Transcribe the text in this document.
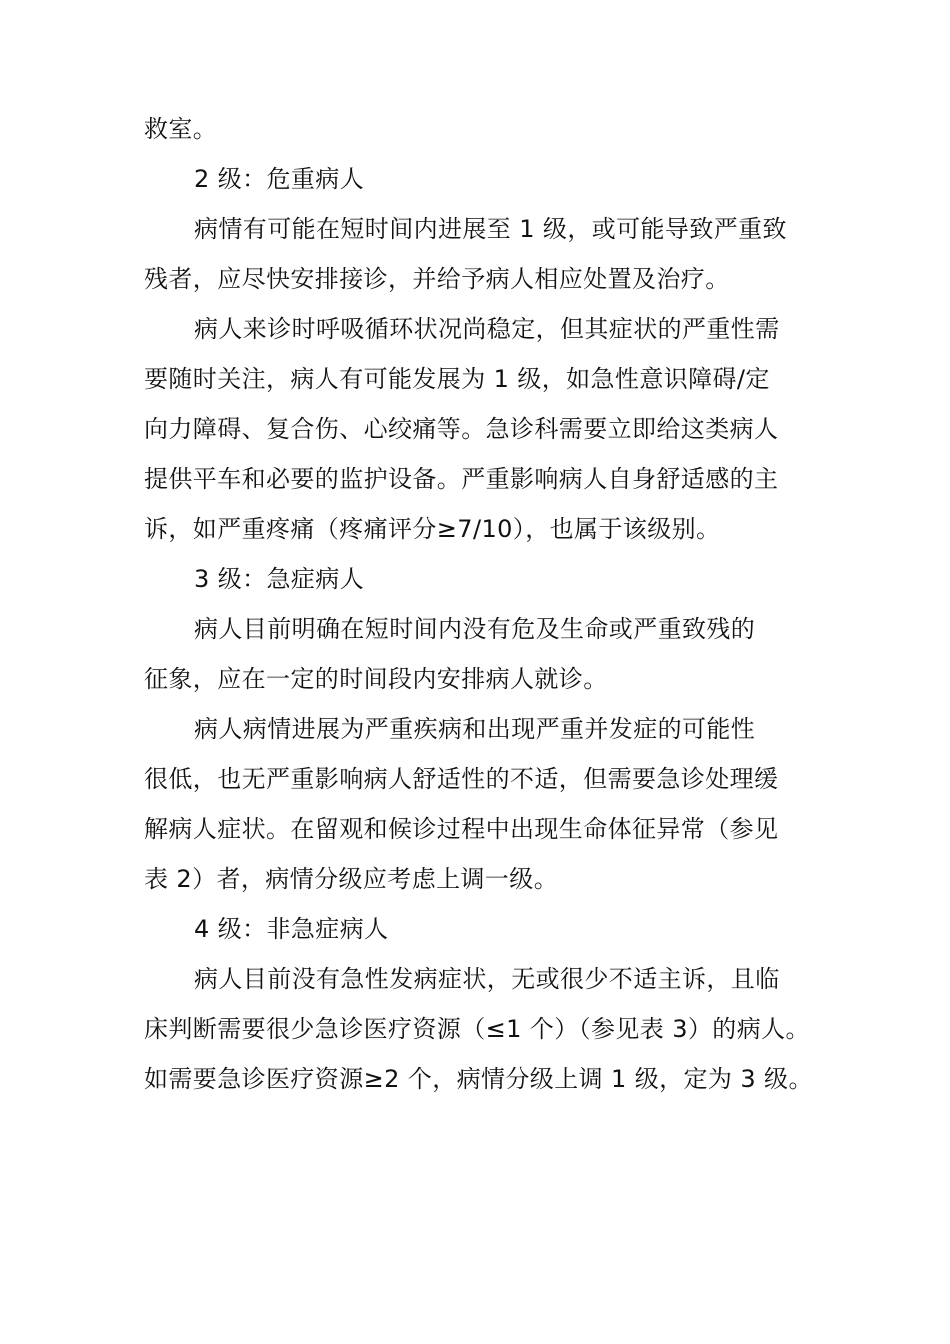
救室。
2 级：危重病人
病情有可能在短时间内进展至 1 级，或可能导致严重致
残者，应尽快安排接诊，并给予病人相应处置及治疗。
病人来诊时呼吸循环状况尚稳定，但其症状的严重性需
要随时关注，病人有可能发展为 1 级，如急性意识障碍/定
向力障碍、复合伤、心绞痛等。急诊科需要立即给这类病人
提供平车和必要的监护设备。严重影响病人自身舒适感的主
诉，如严重疼痛（疼痛评分≥7/10），也属于该级别。
3 级：急症病人
病人目前明确在短时间内没有危及生命或严重致残的
征象，应在一定的时间段内安排病人就诊。
病人病情进展为严重疾病和出现严重并发症的可能性
很低，也无严重影响病人舒适性的不适，但需要急诊处理缓
解病人症状。在留观和候诊过程中出现生命体征异常（参见
表 2）者，病情分级应考虑上调一级。
4 级：非急症病人
病人目前没有急性发病症状，无或很少不适主诉，且临
床判断需要很少急诊医疗资源（≤1 个）（参见表 3）的病人。
如需要急诊医疗资源≥2 个，病情分级上调 1 级，定为 3 级。
